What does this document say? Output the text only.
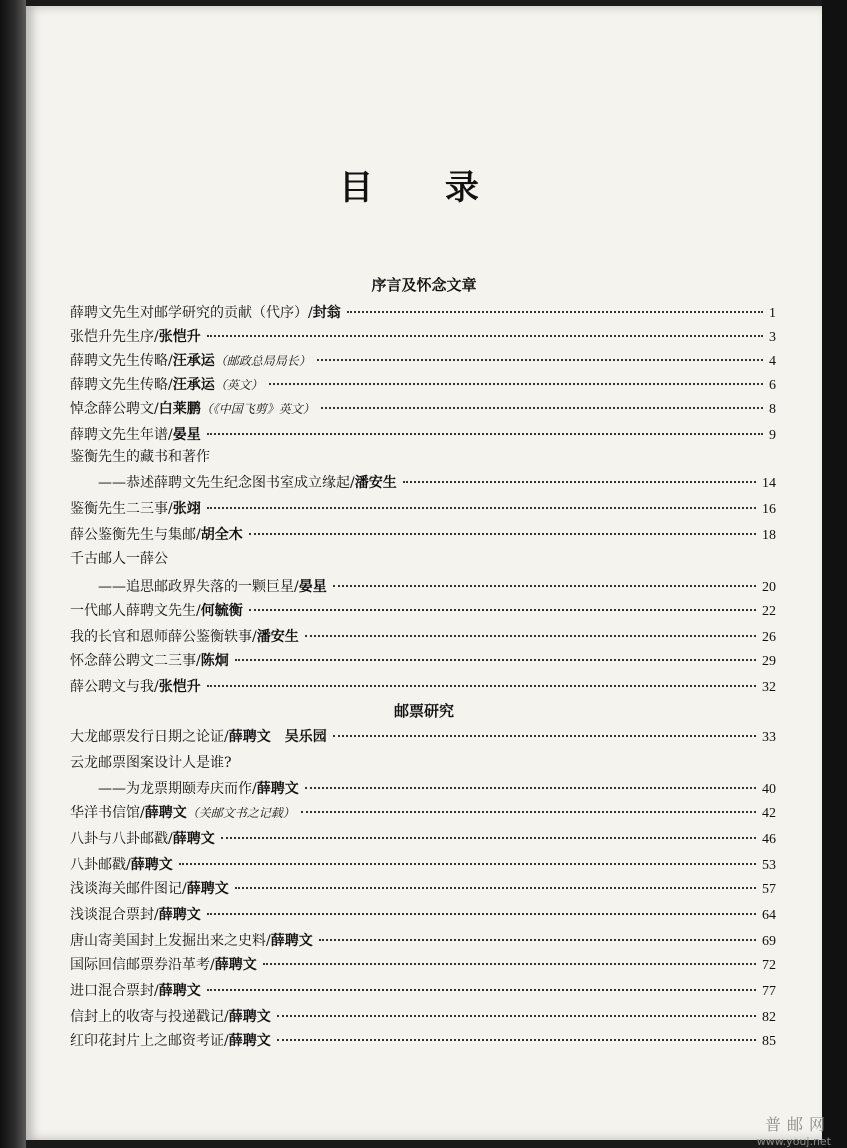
目 录
序言及怀念文章
薛聘文先生对邮学研究的贡献（代序） / 封翁	1
张恺升先生序 / 张恺升	3
薛聘文先生传略 / 汪承运 （邮政总局局长）	4
薛聘文先生传略 / 汪承运 （英文）	6
悼念薛公聘文 / 白莱鹏 （《中国飞剪》英文）	8
薛聘文先生年谱 / 晏星	9
鉴衡先生的藏书和著作
——恭述薛聘文先生纪念图书室成立缘起 / 潘安生	14
鉴衡先生二三事 / 张翊	16
薛公鉴衡先生与集邮 / 胡全木	18
千古邮人一薛公
——追思邮政界失落的一颗巨星 / 晏星	20
一代邮人薛聘文先生 / 何毓衡	22
我的长官和恩师薛公鉴衡轶事 / 潘安生	26
怀念薛公聘文二三事 / 陈炯	29
薛公聘文与我 / 张恺升	32
邮票研究
大龙邮票发行日期之论证 / 薛聘文　吴乐园	33
云龙邮票图案设计人是谁?
——为龙票期颐寿庆而作 / 薛聘文	40
华洋书信馆 / 薛聘文 （关邮文书之记载）	42
八卦与八卦邮戳 / 薛聘文	46
八卦邮戳 / 薛聘文	53
浅谈海关邮件图记 / 薛聘文	57
浅谈混合票封 / 薛聘文	64
唐山寄美国封上发掘出来之史料 / 薛聘文	69
国际回信邮票券沿革考 / 薛聘文	72
进口混合票封 / 薛聘文	77
信封上的收寄与投递戳记 / 薛聘文	82
红印花封片上之邮资考证 / 薛聘文	85
普邮网
www.youj.net
